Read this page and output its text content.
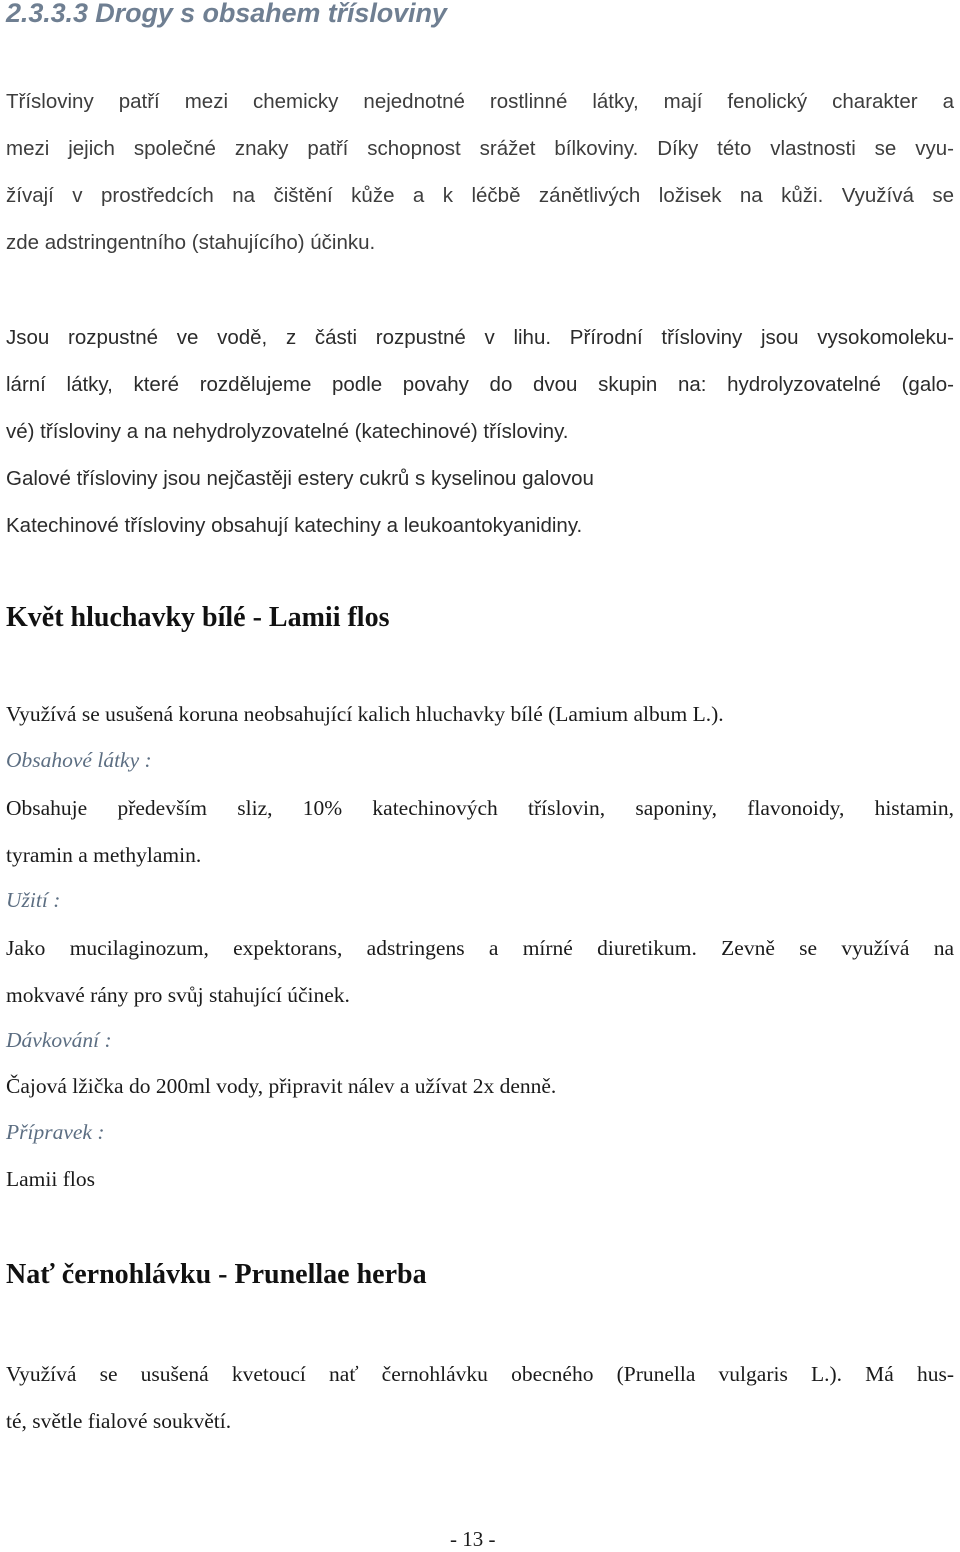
2.3.3.3 Drogy s obsahem třísloviny
Třísloviny patří mezi chemicky nejednotné rostlinné látky, mají fenolický charakter a
mezi jejich společné znaky patří schopnost srážet bílkoviny. Díky této vlastnosti se vyu-
žívají v prostředcích na čištění kůže a k léčbě zánětlivých ložisek na kůži. Využívá se
zde adstringentního (stahujícího) účinku.
Jsou rozpustné ve vodě, z části rozpustné v lihu. Přírodní třísloviny jsou vysokomoleku-
lární látky, které rozdělujeme podle povahy do dvou skupin na: hydrolyzovatelné (galo-
vé) třísloviny a na nehydrolyzovatelné (katechinové) třísloviny.
Galové třísloviny jsou nejčastěji estery cukrů s kyselinou galovou
Katechinové třísloviny obsahují katechiny a leukoantokyanidiny.
Květ hluchavky bílé - Lamii flos
Využívá se usušená koruna neobsahující kalich hluchavky bílé (Lamium album L.).
Obsahové látky :
Obsahuje především sliz, 10% katechinových tříslovin, saponiny, flavonoidy, histamin,
tyramin a methylamin.
Užití :
Jako mucilaginozum, expektorans, adstringens a mírné diuretikum. Zevně se využívá na
mokvavé rány pro svůj stahující účinek.
Dávkování :
Čajová lžička do 200ml vody, připravit nálev a užívat 2x denně.
Přípravek :
Lamii flos
Nať černohlávku - Prunellae herba
Využívá se usušená kvetoucí nať černohlávku obecného (Prunella vulgaris L.). Má hus-
té, světle fialové soukvětí.
- 13 -
